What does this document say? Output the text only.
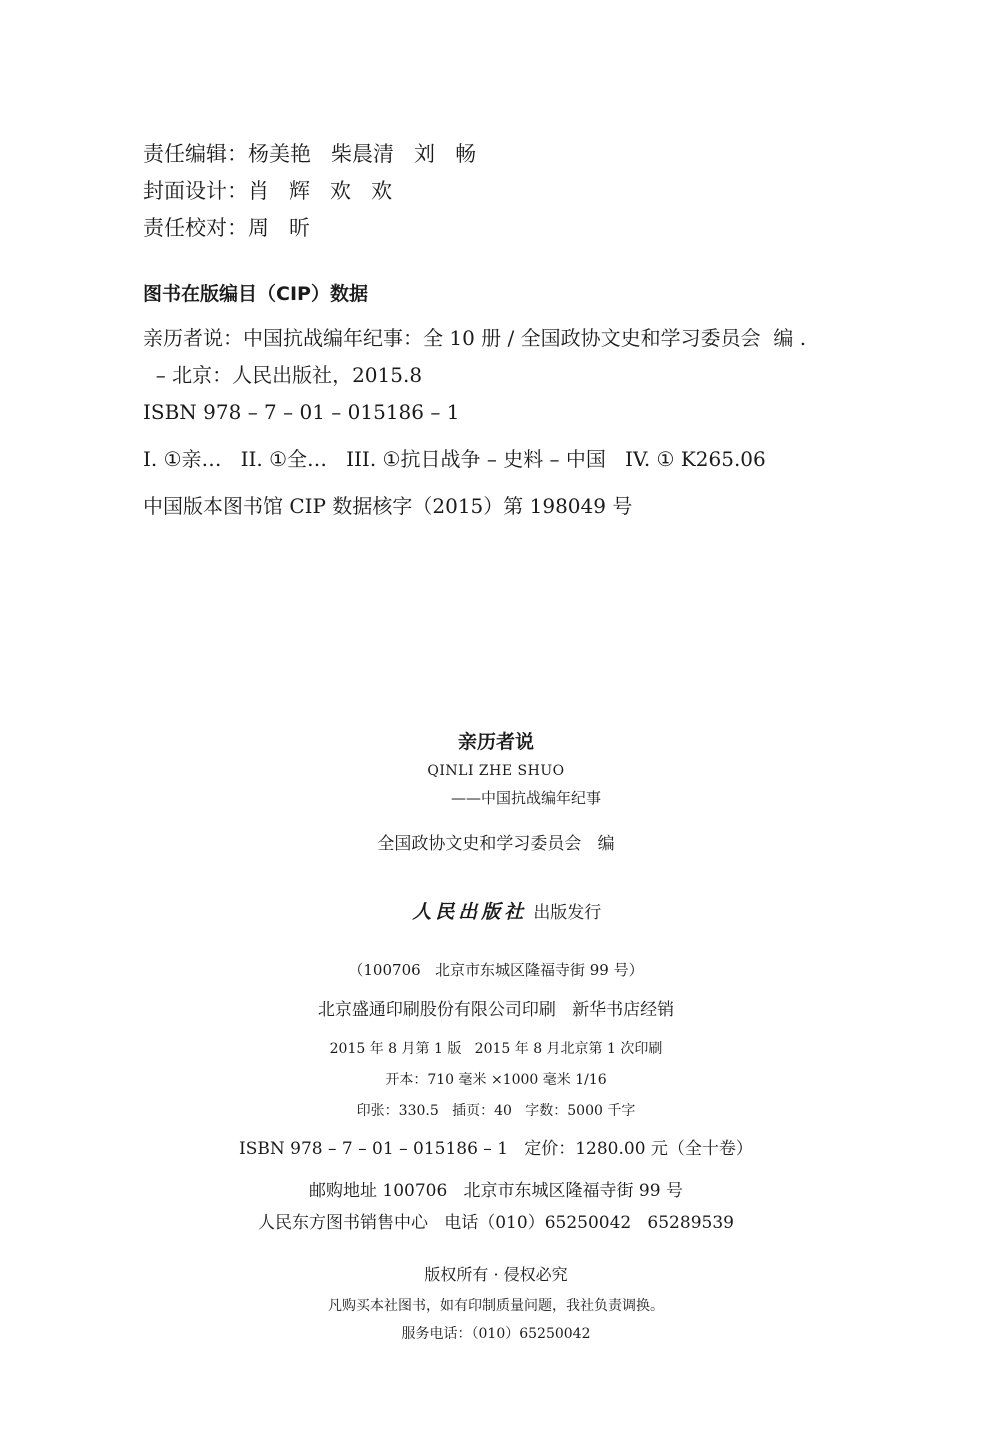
责任编辑：杨美艳   柴晨清   刘   畅
封面设计：肖   辉   欢   欢
责任校对：周   昕
图书在版编目（CIP）数据
亲历者说：中国抗战编年纪事：全 10 册 / 全国政协文史和学习委员会  编 .
– 北京：人民出版社，2015.8
ISBN 978 – 7 – 01 – 015186 – 1
I. ①亲…   II. ①全…   III. ①抗日战争 – 史料 – 中国   IV. ① K265.06
中国版本图书馆 CIP 数据核字（2015）第 198049 号
亲历者说
QINLI ZHE SHUO
——中国抗战编年纪事
全国政协文史和学习委员会   编

人民出版社 出版发行

（100706   北京市东城区隆福寺街 99 号）
北京盛通印刷股份有限公司印刷   新华书店经销
2015 年 8 月第 1 版   2015 年 8 月北京第 1 次印刷
开本：710 毫米 ×1000 毫米 1/16
印张：330.5   插页：40   字数：5000 千字
ISBN 978 – 7 – 01 – 015186 – 1   定价：1280.00 元（全十卷）
邮购地址 100706   北京市东城区隆福寺街 99 号
人民东方图书销售中心   电话（010）65250042   65289539
版权所有 · 侵权必究
凡购买本社图书，如有印制质量问题，我社负责调换。
服务电话：（010）65250042
